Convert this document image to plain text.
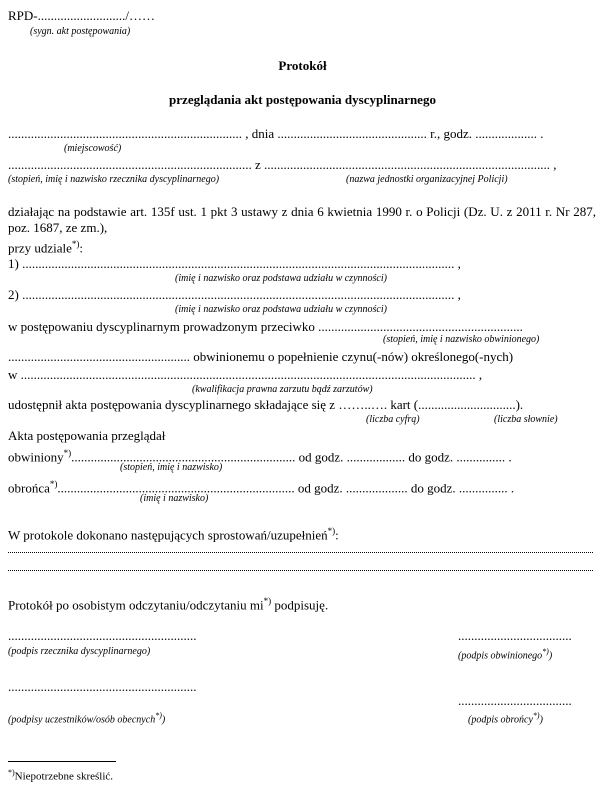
RPD-.........................../……
(sygn. akt postępowania)
Protokół
przeglądania akt postępowania dyscyplinarnego
........................................................................ , dnia .............................................. r., godz. ................... .
(miejscowość)
........................................................................... z ........................................................................................ ,
(stopień, imię i nazwisko rzecznika dyscyplinarnego)	(nazwa jednostki organizacyjnej Policji)
działając na podstawie art. 135f ust. 1 pkt 3 ustawy z dnia 6 kwietnia 1990 r. o Policji (Dz. U. z 2011 r. Nr 287, poz. 1687, ze zm.),
przy udziale*):
1) ..................................................................................................................................... ,
(imię i nazwisko oraz podstawa udziału w czynności)
2) ..................................................................................................................................... ,
(imię i nazwisko oraz podstawa udziału w czynności)
w postępowaniu dyscyplinarnym prowadzonym przeciwko ...............................................................
(stopień, imię i nazwisko obwinionego)
........................................................ obwinionemu o popełnienie czynu(-nów) określonego(-nych)
w ............................................................................................................................................ ,
(kwalifikacja prawna zarzutu bądź zarzutów)
udostępnił akta postępowania dyscyplinarnego składające się z ……..…. kart (..............................).
(liczba cyfrą)	(liczba słownie)
Akta postępowania przeglądał
obwiniony*)..................................................................... od godz. .................. do godz. ............... .
(stopień, imię i nazwisko)
obrońca*)......................................................................... od godz. ................... do godz. ............... .
(imię i nazwisko)
W protokole dokonano następujących sprostowań/uzupełnień*):
Protokół po osobistym odczytaniu/odczytaniu mi*) podpisuję.
..........................................................
(podpis rzecznika dyscyplinarnego)
...................................
(podpis obwinionego*))
..........................................................
(podpisy uczestników/osób obecnych*))
...................................
(podpis obrońcy*))
*)Niepotrzebne skreślić.
